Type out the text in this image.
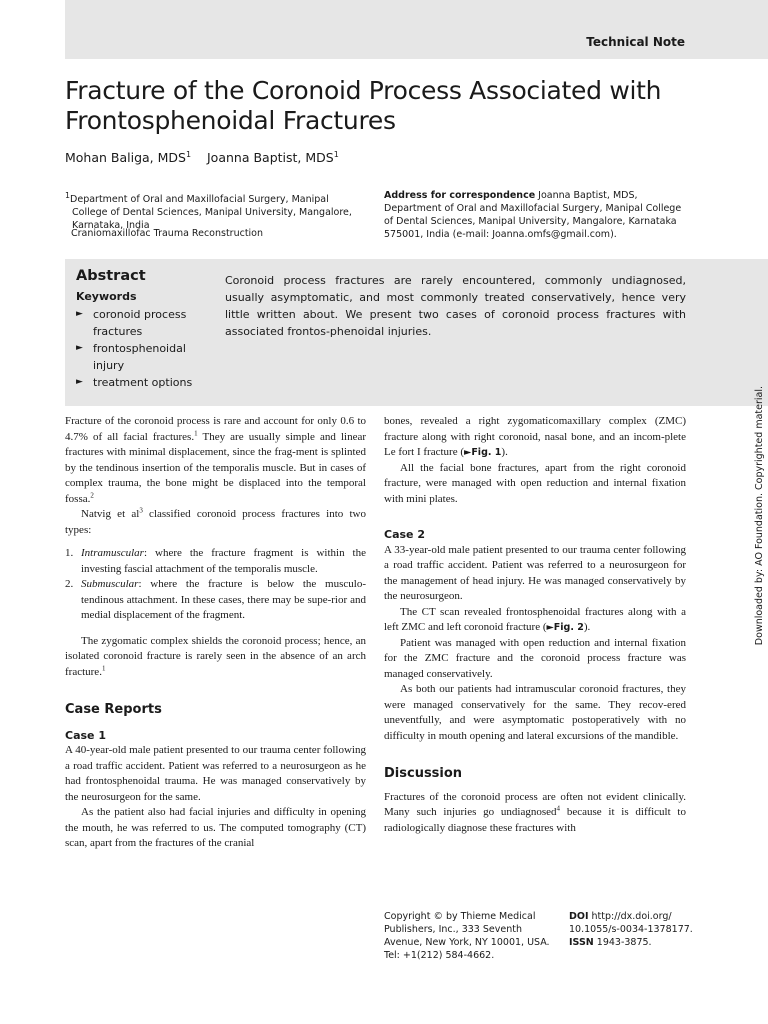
Technical Note
Fracture of the Coronoid Process Associated with Frontosphenoidal Fractures
Mohan Baliga, MDS$^1$ Joanna Baptist, MDS$^1$
$^1$Department of Oral and Maxillofacial Surgery, Manipal College of Dental Sciences, Manipal University, Mangalore, Karnataka, India
Craniomaxillofac Trauma Reconstruction
Address for correspondence Joanna Baptist, MDS, Department of Oral and Maxillofacial Surgery, Manipal College of Dental Sciences, Manipal University, Mangalore, Karnataka 575001, India (e-mail: Joanna.omfs@gmail.com).
Abstract
Keywords
► coronoid process fractures
► frontosphenoidal injury
► treatment options
Coronoid process fractures are rarely encountered, commonly undiagnosed, usually asymptomatic, and most commonly treated conservatively, hence very little written about. We present two cases of coronoid process fractures with associated frontos-phenoidal injuries.

Fracture of the coronoid process is rare and account for only 0.6 to 4.7% of all facial fractures.$^1$ They are usually simple and linear fractures with minimal displacement, since the frag-ment is splinted by the tendinous insertion of the temporalis muscle. But in cases of complex trauma, the bone might be displaced into the temporal fossa.$^2$

Natvig et $al^3$ classified coronoid process fractures into two types:

1. Intramuscular: where the fracture fragment is within the investing fascial attachment of the temporalis muscle.
2. Submuscular: where the fracture is below the musculo-tendinous attachment. In these cases, there may be supe-rior and medial displacement of the fragment.

The zygomatic complex shields the coronoid process; hence, an isolated coronoid fracture is rarely seen in the absence of an arch fracture.$^1$

Case Reports
Case 1

A 40-year-old male patient presented to our trauma center following a road traffic accident. Patient was referred to a neurosurgeon as he had frontosphenoidal trauma. He was managed conservatively by the neurosurgeon for the same.

As the patient also had facial injuries and difficulty in opening the mouth, he was referred to us. The computed tomography (CT) scan, apart from the fractures of the cranial

bones, revealed a right zygomaticomaxillary complex (ZMC) fracture along with right coronoid, nasal bone, and an incom-plete Le fort I fracture (►Fig. 1).

All the facial bone fractures, apart from the right coronoid fracture, were managed with open reduction and internal fixation with mini plates.

Case 2

A 33-year-old male patient presented to our trauma center following a road traffic accident. Patient was referred to a neurosurgeon for the management of head injury. He was managed conservatively by the neurosurgeon.

The CT scan revealed frontosphenoidal fractures along with a left ZMC and left coronoid fracture (►Fig. 2).

Patient was managed with open reduction and internal fixation for the ZMC fracture and the coronoid process fracture was managed conservatively.

As both our patients had intramuscular coronoid fractures, they were managed conservatively for the same. They recov-ered uneventfully, and were asymptomatic postoperatively with no difficulty in mouth opening and lateral excursions of the mandible.

Discussion

Fractures of the coronoid process are often not evident clinically. Many such injuries go undiagnosed$^4$ because it is difficult to radiologically diagnose these fractures with

Copyright © by Thieme Medical Publishers, Inc., 333 Seventh Avenue, New York, NY 10001, USA. Tel: +1(212) 584-4662.
DOI http://dx.doi.org/ 10.1055/s-0034-1378177.
ISSN 1943-3875.
Downloaded by: AO Foundation. Copyrighted material.
